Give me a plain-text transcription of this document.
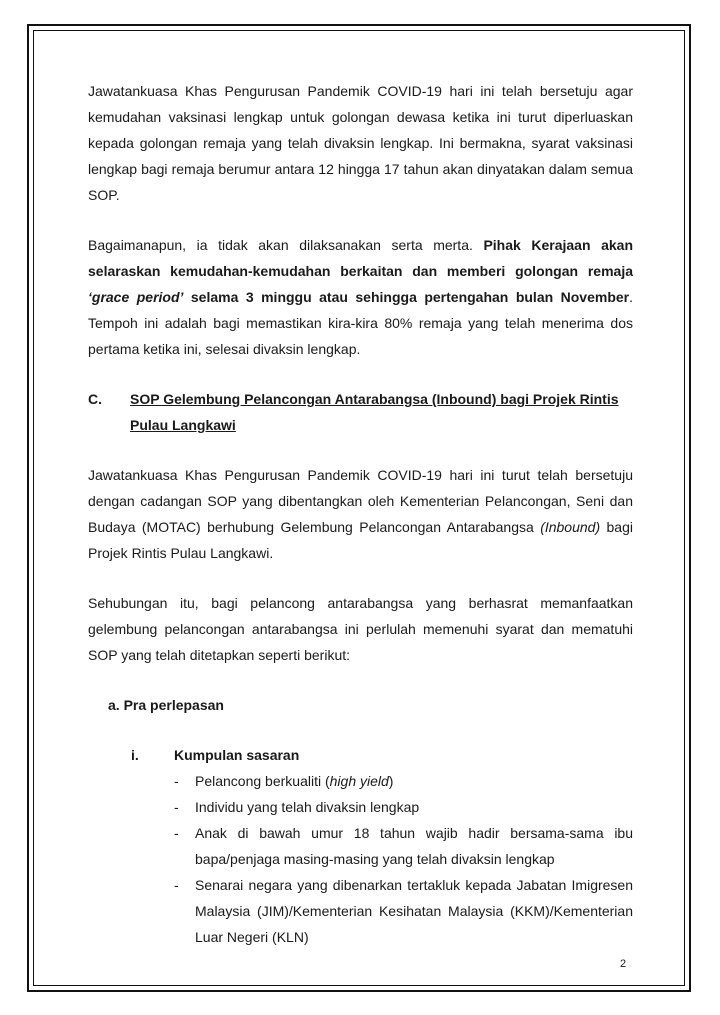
Jawatankuasa Khas Pengurusan Pandemik COVID-19 hari ini telah bersetuju agar kemudahan vaksinasi lengkap untuk golongan dewasa ketika ini turut diperluaskan kepada golongan remaja yang telah divaksin lengkap. Ini bermakna, syarat vaksinasi lengkap bagi remaja berumur antara 12 hingga 17 tahun akan dinyatakan dalam semua SOP.

Bagaimanapun, ia tidak akan dilaksanakan serta merta. Pihak Kerajaan akan selaraskan kemudahan-kemudahan berkaitan dan memberi golongan remaja ‘grace period’ selama 3 minggu atau sehingga pertengahan bulan November. Tempoh ini adalah bagi memastikan kira-kira 80% remaja yang telah menerima dos pertama ketika ini, selesai divaksin lengkap.

C.	SOP Gelembung Pelancongan Antarabangsa (Inbound) bagi Projek Rintis Pulau Langkawi

Jawatankuasa Khas Pengurusan Pandemik COVID-19 hari ini turut telah bersetuju dengan cadangan SOP yang dibentangkan oleh Kementerian Pelancongan, Seni dan Budaya (MOTAC) berhubung Gelembung Pelancongan Antarabangsa (Inbound) bagi Projek Rintis Pulau Langkawi.

Sehubungan itu, bagi pelancong antarabangsa yang berhasrat memanfaatkan gelembung pelancongan antarabangsa ini perlulah memenuhi syarat dan mematuhi SOP yang telah ditetapkan seperti berikut:

a. Pra perlepasan

i.	Kumpulan sasaran
- Pelancong berkualiti (high yield)
- Individu yang telah divaksin lengkap
- Anak di bawah umur 18 tahun wajib hadir bersama-sama ibu bapa/penjaga masing-masing yang telah divaksin lengkap
- Senarai negara yang dibenarkan tertakluk kepada Jabatan Imigresen Malaysia (JIM)/Kementerian Kesihatan Malaysia (KKM)/Kementerian Luar Negeri (KLN)
2
